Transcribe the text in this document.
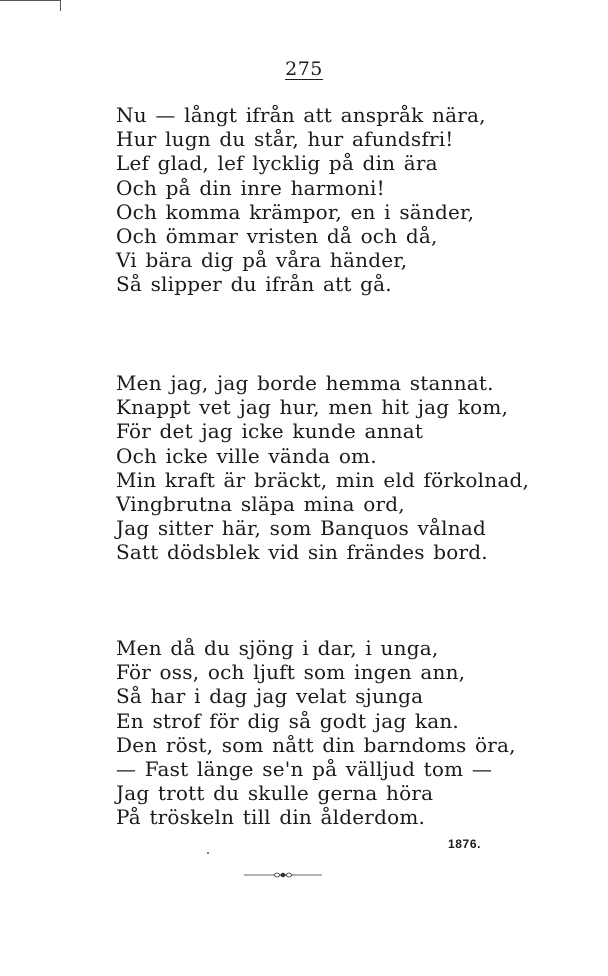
275
Nu — långt ifrån att anspråk nära,
Hur lugn du står, hur afundsfri!
Lef glad, lef lycklig på din ära
Och på din inre harmoni!
Och komma krämpor, en i sänder,
Och ömmar vristen då och då,
Vi bära dig på våra händer,
Så slipper du ifrån att gå.
Men jag, jag borde hemma stannat.
Knappt vet jag hur, men hit jag kom,
För det jag icke kunde annat
Och icke ville vända om.
Min kraft är bräckt, min eld förkolnad,
Vingbrutna släpa mina ord,
Jag sitter här, som Banquos vålnad
Satt dödsblek vid sin frändes bord.
Men då du sjöng i dar, i unga,
För oss, och ljuft som ingen ann,
Så har i dag jag velat sjunga
En strof för dig så godt jag kan.
Den röst, som nått din barndoms öra,
— Fast länge se'n på välljud tom —
Jag trott du skulle gerna höra
På tröskeln till din ålderdom.
1876.
